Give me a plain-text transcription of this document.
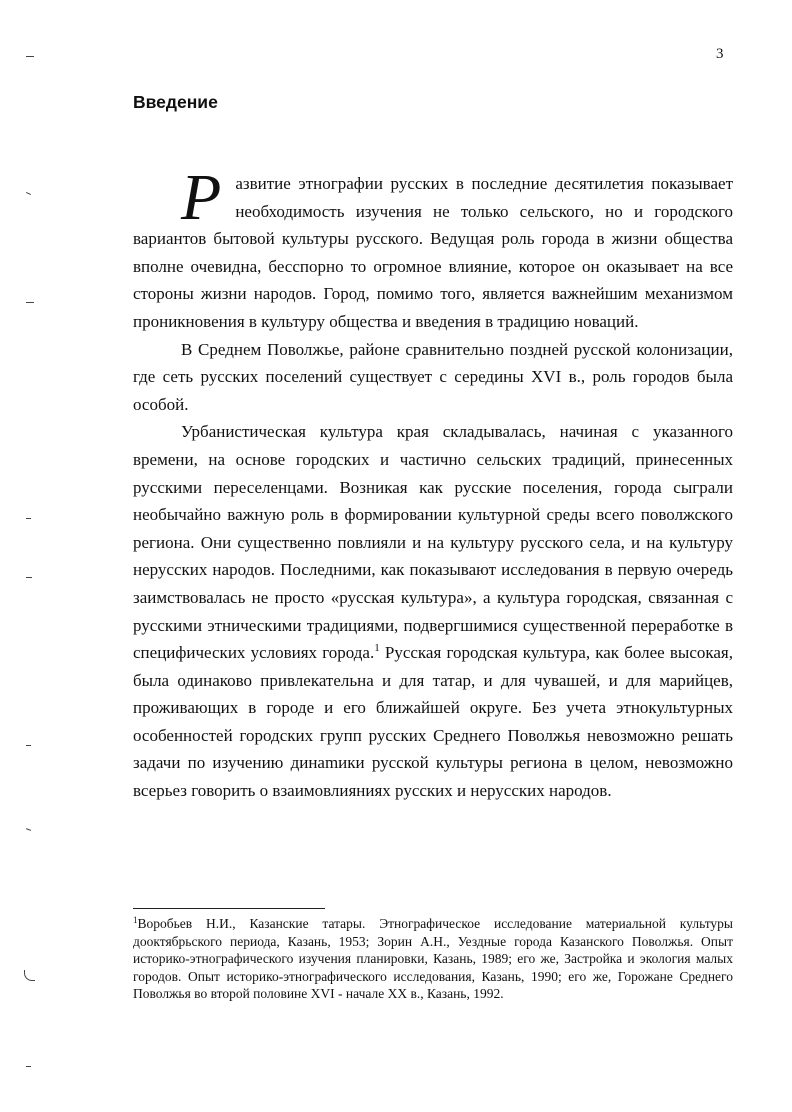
3
Введение

Развитие этнографии русских в последние десятилетия показывает необходимость изучения не только сельского, но и городского вариантов бытовой культуры русского. Ведущая роль города в жизни общества вполне очевидна, бесспорно то огромное влияние, которое он оказывает на все стороны жизни народов. Город, помимо того, является важнейшим механизмом проникновения в культуру общества и введения в традицию новаций.

В Среднем Поволжье, районе сравнительно поздней русской колонизации, где сеть русских поселений существует с середины XVI в., роль городов была особой.

Урбанистическая культура края складывалась, начиная с указанного времени, на основе городских и частично сельских традиций, принесенных русскими переселенцами. Возникая как русские поселения, города сыграли необычайно важную роль в формировании культурной среды всего поволжского региона. Они существенно повлияли и на культуру русского села, и на культуру нерусских народов. Последними, как показывают исследования в первую очередь заимствовалась не просто «русская культура», а культура городская, связанная с русскими этническими традициями, подвергшимися существенной переработке в специфических условиях города.$^1$ Русская городская культура, как более высокая, была одинаково привлекательна и для татар, и для чувашей, и для марийцев, проживающих в городе и его ближайшей округе. Без учета этнокультурных особенностей городских групп русских Среднего Поволжья невозможно решать задачи по изучению динаmики русской культуры региона в целом, невозможно всерьез говорить о взаимовлияниях русских и нерусских народов.

$^1$Воробьев Н.И., Казанские татары. Этнографическое исследование материальной культуры дооктябрьского периода, Казань, 1953; Зорин А.Н., Уездные города Казанского Поволжья. Опыт историко-этнографического изучения планировки, Казань, 1989; его же, Застройка и экология малых городов. Опыт историко-этнографического исследования, Казань, 1990; его же, Горожане Среднего Поволжья во второй половине XVI - начале XX в., Казань, 1992.
